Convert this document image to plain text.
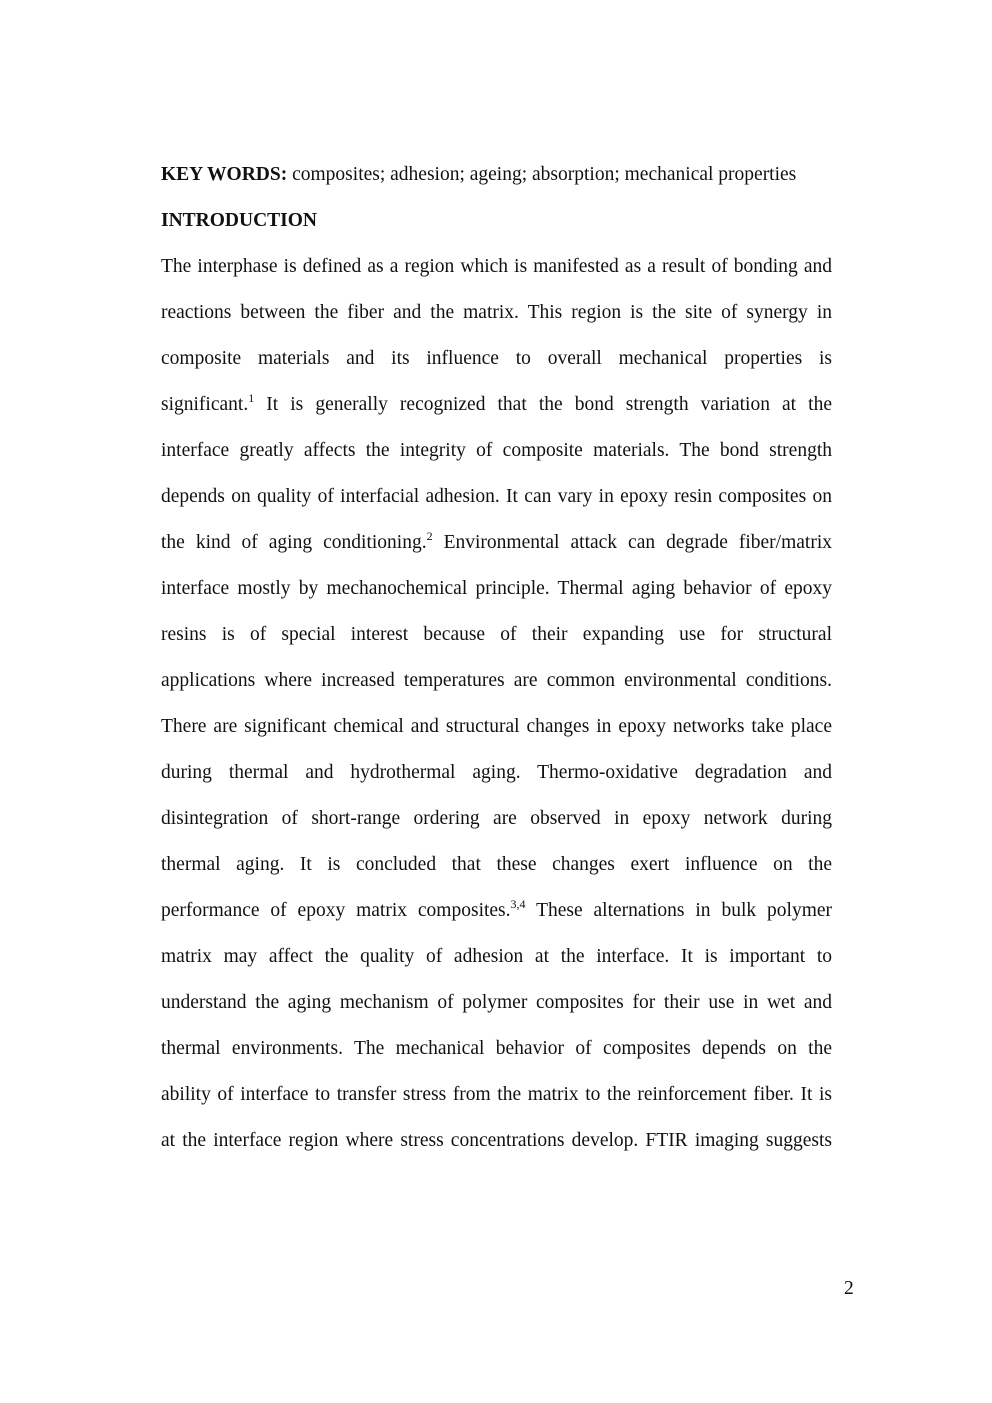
KEY WORDS: composites; adhesion; ageing; absorption; mechanical properties
INTRODUCTION
The interphase is defined as a region which is manifested as a result of bonding and
reactions between the fiber and the matrix. This region is the site of synergy in
composite materials and its influence to overall mechanical properties is
significant.$^1$ It is generally recognized that the bond strength variation at the
interface greatly affects the integrity of composite materials. The bond strength
depends on quality of interfacial adhesion. It can vary in epoxy resin composites on
the kind of aging conditioning.$^2$ Environmental attack can degrade fiber/matrix
interface mostly by mechanochemical principle. Thermal aging behavior of epoxy
resins is of special interest because of their expanding use for structural
applications where increased temperatures are common environmental conditions.
There are significant chemical and structural changes in epoxy networks take place
during thermal and hydrothermal aging. Thermo-oxidative degradation and
disintegration of short-range ordering are observed in epoxy network during
thermal aging. It is concluded that these changes exert influence on the
performance of epoxy matrix composites.$^{3,4}$ These alternations in bulk polymer
matrix may affect the quality of adhesion at the interface. It is important to
understand the aging mechanism of polymer composites for their use in wet and
thermal environments. The mechanical behavior of composites depends on the
ability of interface to transfer stress from the matrix to the reinforcement fiber. It is
at the interface region where stress concentrations develop. FTIR imaging suggests
2
